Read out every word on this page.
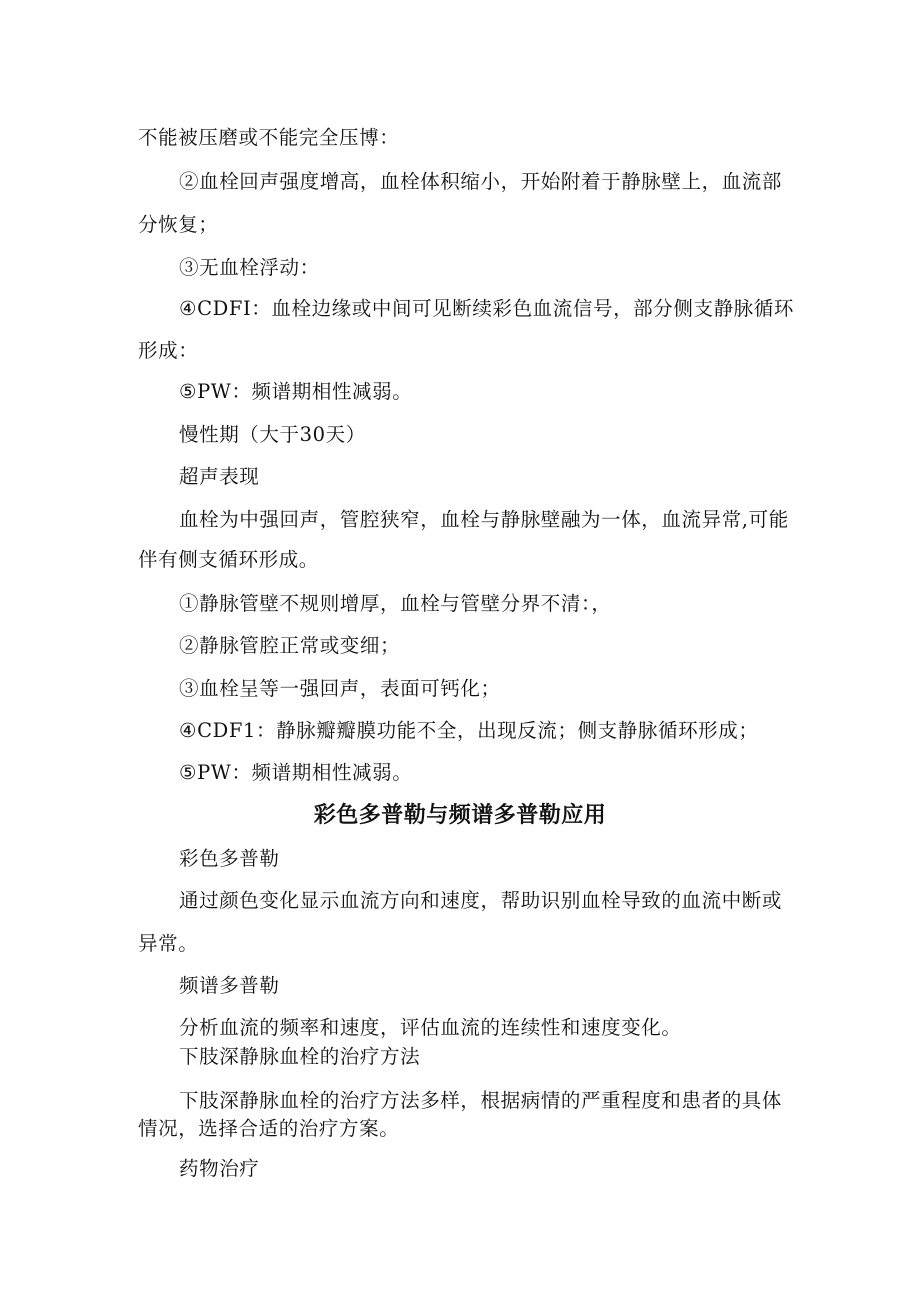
不能被压磨或不能完全压博：

②血栓回声强度增高，血栓体积缩小，开始附着于静脉壁上，血流部

分恢复；

③无血栓浮动：

④CDFI：血栓边缘或中间可见断续彩色血流信号，部分侧支静脉循环

形成：

⑤PW：频谱期相性减弱。

慢性期（大于30天）

超声表现

血栓为中强回声，管腔狭窄，血栓与静脉壁融为一体，血流异常,可能

伴有侧支循环形成。

①静脉管壁不规则增厚，血栓与管壁分界不清：，

②静脉管腔正常或变细；

③血栓呈等一强回声，表面可钙化；

④CDF1：静脉瓣瓣膜功能不全，出现反流；侧支静脉循环形成；

⑤PW：频谱期相性减弱。

彩色多普勒与频谱多普勒应用

彩色多普勒

通过颜色变化显示血流方向和速度，帮助识别血栓导致的血流中断或

异常。

频谱多普勒

分析血流的频率和速度，评估血流的连续性和速度变化。

下肢深静脉血栓的治疗方法

下肢深静脉血栓的治疗方法多样，根据病情的严重程度和患者的具体

情况，选择合适的治疗方案。

药物治疗
